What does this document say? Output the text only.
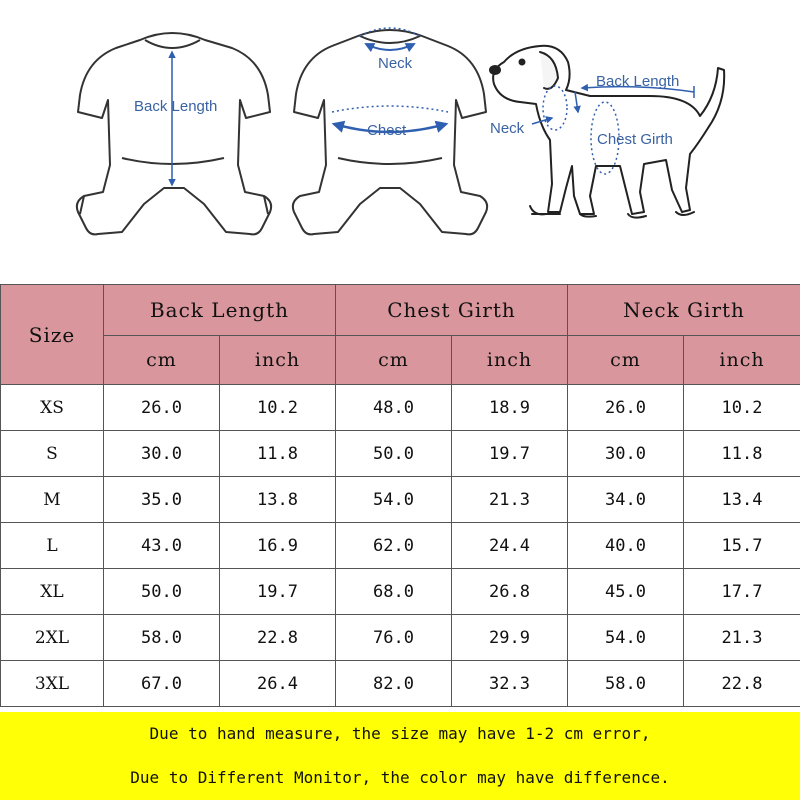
Back Length
Neck
Chest
Back Length
Neck
Chest Girth
Size	Back Length		Chest Girth		Neck Girth	
	cm	inch	cm	inch	cm	inch
XS	26.0	10.2	48.0	18.9	26.0	10.2
S	30.0	11.8	50.0	19.7	30.0	11.8
M	35.0	13.8	54.0	21.3	34.0	13.4
L	43.0	16.9	62.0	24.4	40.0	15.7
XL	50.0	19.7	68.0	26.8	45.0	17.7
2XL	58.0	22.8	76.0	29.9	54.0	21.3
3XL	67.0	26.4	82.0	32.3	58.0	22.8
Due to hand measure, the size may have 1-2 cm error,
Due to Different Monitor, the color may have difference.
